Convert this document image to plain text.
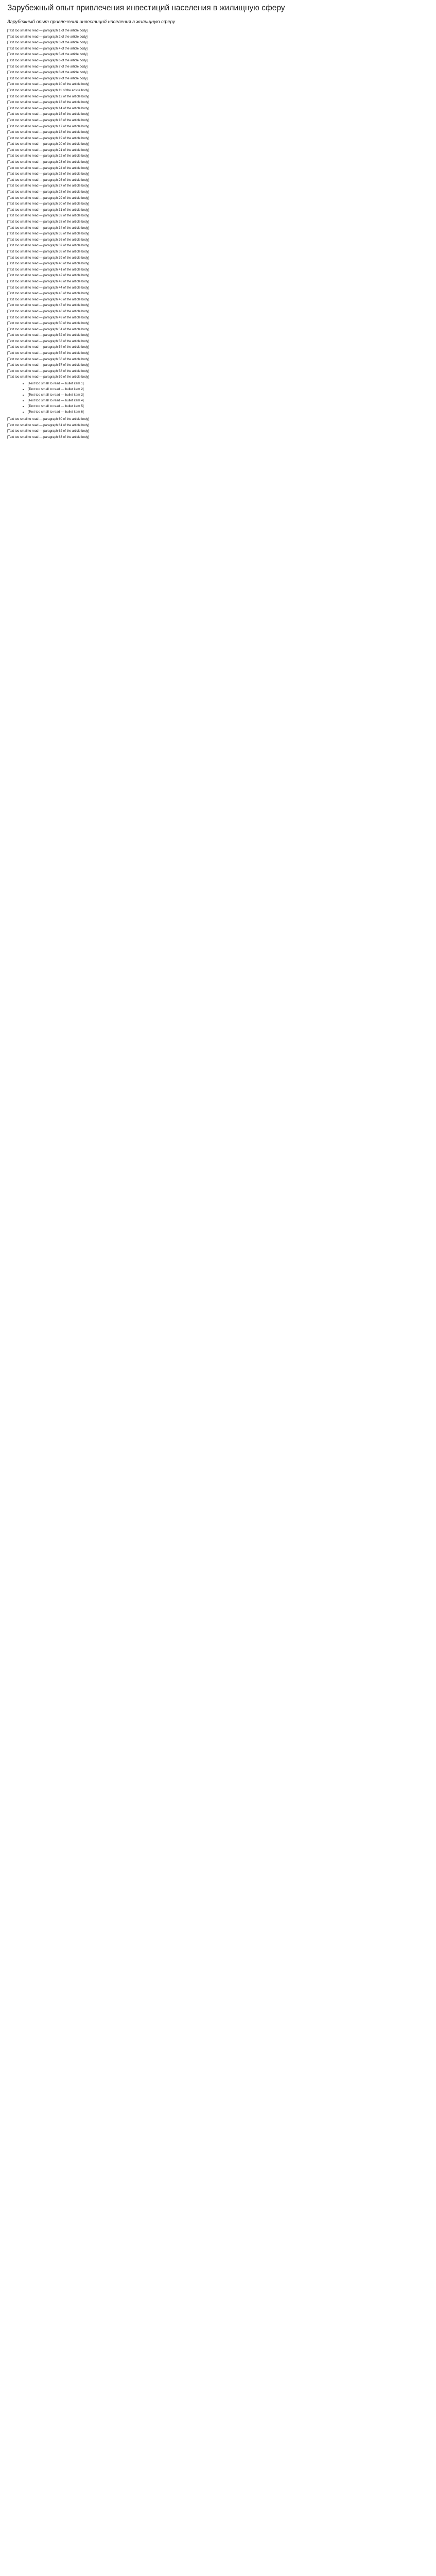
Зарубежный опыт привлечения инвестиций населения в жилищную сферу
Зарубежный опыт привлечения инвестиций населения в жилищную сферу

[Text too small to read — paragraph 1 of the article body]

[Text too small to read — paragraph 2 of the article body]

[Text too small to read — paragraph 3 of the article body]

[Text too small to read — paragraph 4 of the article body]

[Text too small to read — paragraph 5 of the article body]

[Text too small to read — paragraph 6 of the article body]

[Text too small to read — paragraph 7 of the article body]

[Text too small to read — paragraph 8 of the article body]

[Text too small to read — paragraph 9 of the article body]

[Text too small to read — paragraph 10 of the article body]

[Text too small to read — paragraph 11 of the article body]

[Text too small to read — paragraph 12 of the article body]

[Text too small to read — paragraph 13 of the article body]

[Text too small to read — paragraph 14 of the article body]

[Text too small to read — paragraph 15 of the article body]

[Text too small to read — paragraph 16 of the article body]

[Text too small to read — paragraph 17 of the article body]

[Text too small to read — paragraph 18 of the article body]

[Text too small to read — paragraph 19 of the article body]

[Text too small to read — paragraph 20 of the article body]

[Text too small to read — paragraph 21 of the article body]

[Text too small to read — paragraph 22 of the article body]

[Text too small to read — paragraph 23 of the article body]

[Text too small to read — paragraph 24 of the article body]

[Text too small to read — paragraph 25 of the article body]

[Text too small to read — paragraph 26 of the article body]

[Text too small to read — paragraph 27 of the article body]

[Text too small to read — paragraph 28 of the article body]

[Text too small to read — paragraph 29 of the article body]

[Text too small to read — paragraph 30 of the article body]

[Text too small to read — paragraph 31 of the article body]

[Text too small to read — paragraph 32 of the article body]

[Text too small to read — paragraph 33 of the article body]

[Text too small to read — paragraph 34 of the article body]

[Text too small to read — paragraph 35 of the article body]

[Text too small to read — paragraph 36 of the article body]

[Text too small to read — paragraph 37 of the article body]

[Text too small to read — paragraph 38 of the article body]

[Text too small to read — paragraph 39 of the article body]

[Text too small to read — paragraph 40 of the article body]

[Text too small to read — paragraph 41 of the article body]

[Text too small to read — paragraph 42 of the article body]

[Text too small to read — paragraph 43 of the article body]

[Text too small to read — paragraph 44 of the article body]

[Text too small to read — paragraph 45 of the article body]

[Text too small to read — paragraph 46 of the article body]

[Text too small to read — paragraph 47 of the article body]

[Text too small to read — paragraph 48 of the article body]

[Text too small to read — paragraph 49 of the article body]

[Text too small to read — paragraph 50 of the article body]

[Text too small to read — paragraph 51 of the article body]

[Text too small to read — paragraph 52 of the article body]

[Text too small to read — paragraph 53 of the article body]

[Text too small to read — paragraph 54 of the article body]

[Text too small to read — paragraph 55 of the article body]

[Text too small to read — paragraph 56 of the article body]

[Text too small to read — paragraph 57 of the article body]

[Text too small to read — paragraph 58 of the article body]

[Text too small to read — paragraph 59 of the article body]

• [Text too small to read — bullet item 1]
• [Text too small to read — bullet item 2]
• [Text too small to read — bullet item 3]
• [Text too small to read — bullet item 4]
• [Text too small to read — bullet item 5]
• [Text too small to read — bullet item 6]

[Text too small to read — paragraph 60 of the article body]

[Text too small to read — paragraph 61 of the article body]

[Text too small to read — paragraph 62 of the article body]

[Text too small to read — paragraph 63 of the article body]
